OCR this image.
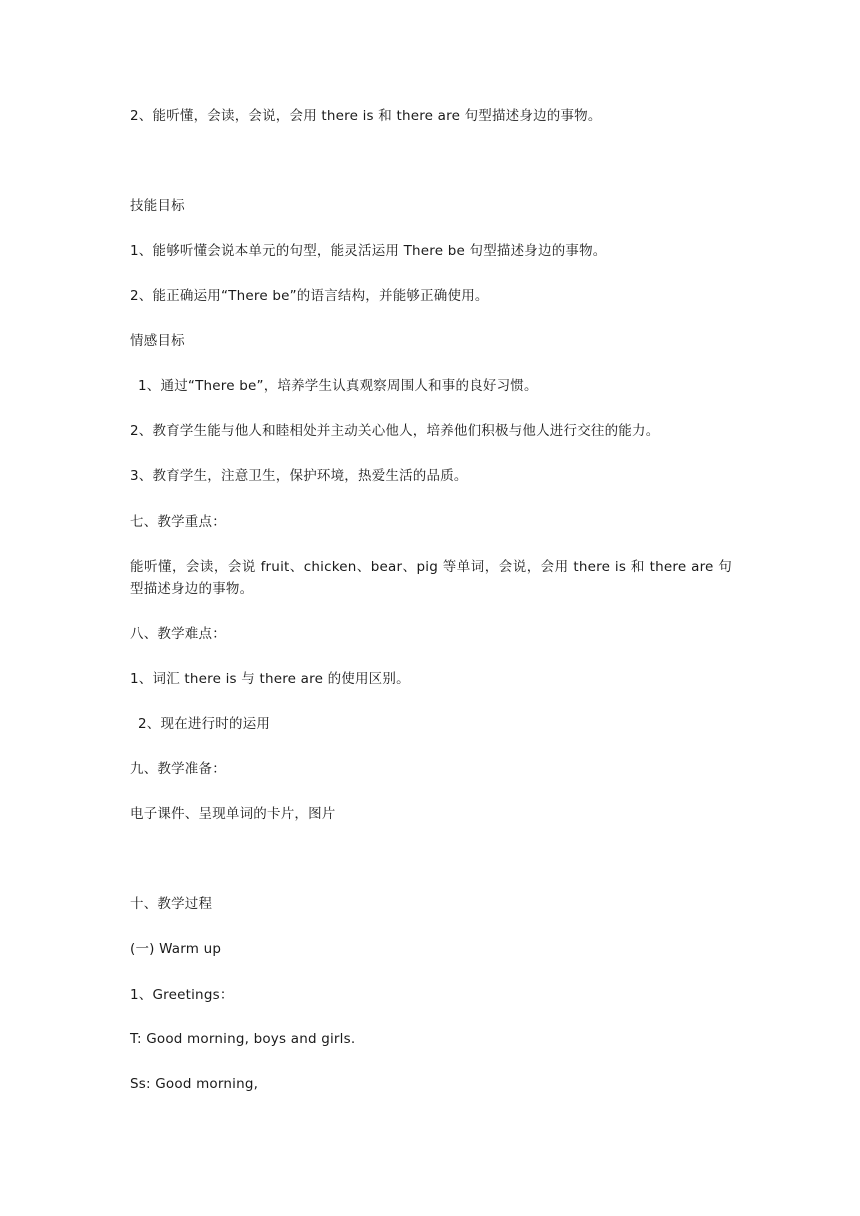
2、能听懂，会读，会说，会用 there is 和 there are 句型描述身边的事物。

技能目标

1、能够听懂会说本单元的句型，能灵活运用 There be 句型描述身边的事物。

2、能正确运用“There be”的语言结构，并能够正确使用。

情感目标

1、通过“There be”，培养学生认真观察周围人和事的良好习惯。

2、教育学生能与他人和睦相处并主动关心他人，培养他们积极与他人进行交往的能力。

3、教育学生，注意卫生，保护环境，热爱生活的品质。

七、教学重点：

能听懂，会读，会说 fruit、chicken、bear、pig 等单词，会说，会用 there is 和 there are 句型描述身边的事物。

八、教学难点：

1、词汇 there is 与 there are 的使用区别。

2、现在进行时的运用

九、教学准备：

电子课件、呈现单词的卡片，图片

十、教学过程

(一) Warm up

1、Greetings：

T: Good morning, boys and girls.

Ss: Good morning,
